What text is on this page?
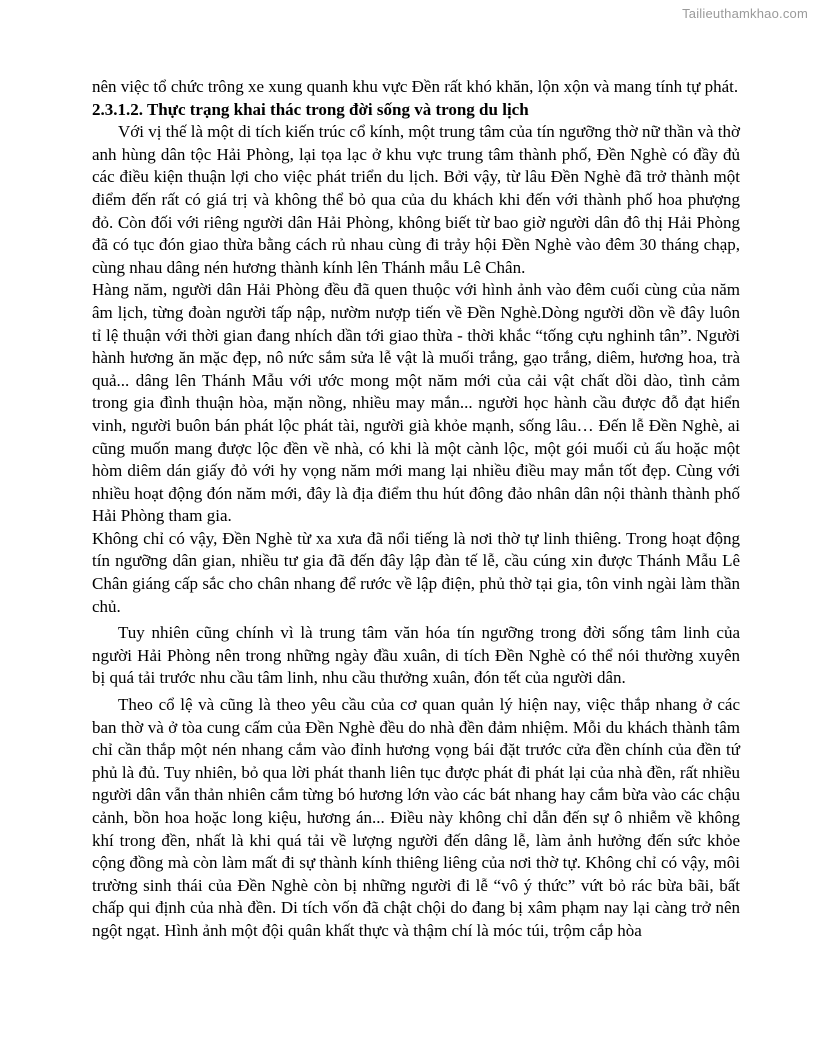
Tailieuthamkhao.com

nên việc tổ chức trông xe xung quanh khu vực Đền rất khó khăn, lộn xộn và mang tính tự phát.

2.3.1.2. Thực trạng khai thác trong đời sống và trong du lịch

Với vị thế là một di tích kiến trúc cổ kính, một trung tâm của tín ngưỡng thờ nữ thần và thờ anh hùng dân tộc Hải Phòng, lại tọa lạc ở khu vực trung tâm thành phố, Đền Nghè có đầy đủ các điều kiện thuận lợi cho việc phát triển du lịch. Bởi vậy, từ lâu Đền Nghè đã trở thành một điểm đến rất có giá trị và không thể bỏ qua của du khách khi đến với thành phố hoa phượng đỏ. Còn đối với riêng người dân Hải Phòng, không biết từ bao giờ người dân đô thị Hải Phòng đã có tục đón giao thừa bằng cách rủ nhau cùng đi trảy hội Đền Nghè vào đêm 30 tháng chạp, cùng nhau dâng nén hương thành kính lên Thánh mẫu Lê Chân.

Hàng năm, người dân Hải Phòng đều đã quen thuộc với hình ảnh vào đêm cuối cùng của năm âm lịch, từng đoàn người tấp nập, nườm nượp tiến về Đền Nghè.Dòng người dồn về đây luôn tỉ lệ thuận với thời gian đang nhích dần tới giao thừa - thời khắc “tống cựu nghinh tân”. Người hành hương ăn mặc đẹp, nô nức sắm sửa lễ vật là muối trắng, gạo trắng, diêm, hương hoa, trà quả... dâng lên Thánh Mẫu với ước mong một năm mới của cải vật chất dồi dào, tình cảm trong gia đình thuận hòa, mặn nồng, nhiều may mắn... người học hành cầu được đỗ đạt hiển vinh, người buôn bán phát lộc phát tài, người già khỏe mạnh, sống lâu… Đến lễ Đền Nghè, ai cũng muốn mang được lộc đền về nhà, có khi là một cành lộc, một gói muối củ ấu hoặc một hòm diêm dán giấy đỏ với hy vọng năm mới mang lại nhiều điều may mắn tốt đẹp. Cùng với nhiều hoạt động đón năm mới, đây là địa điểm thu hút đông đảo nhân dân nội thành thành phố Hải Phòng tham gia.

Không chỉ có vậy, Đền Nghè từ xa xưa đã nổi tiếng là nơi thờ tự linh thiêng. Trong hoạt động tín ngưỡng dân gian, nhiều tư gia đã đến đây lập đàn tế lễ, cầu cúng xin được Thánh Mẫu Lê Chân giáng cấp sắc cho chân nhang để rước về lập điện, phủ thờ tại gia, tôn vinh ngài làm thần chủ.

Tuy nhiên cũng chính vì là trung tâm văn hóa tín ngưỡng trong đời sống tâm linh của người Hải Phòng nên trong những ngày đầu xuân, di tích Đền Nghè có thể nói thường xuyên bị quá tải trước nhu cầu tâm linh, nhu cầu thưởng xuân, đón tết của người dân.

Theo cổ lệ và cũng là theo yêu cầu của cơ quan quản lý hiện nay, việc thắp nhang ở các ban thờ và ở tòa cung cấm của Đền Nghè đều do nhà đền đảm nhiệm. Mỗi du khách thành tâm chỉ cần thắp một nén nhang cắm vào đỉnh hương vọng bái đặt trước cửa đền chính của đền tứ phủ là đủ. Tuy nhiên, bỏ qua lời phát thanh liên tục được phát đi phát lại của nhà đền, rất nhiều người dân vẫn thản nhiên cắm từng bó hương lớn vào các bát nhang hay cắm bừa vào các chậu cảnh, bồn hoa hoặc long kiệu, hương án... Điều này không chỉ dẫn đến sự ô nhiễm về không khí trong đền, nhất là khi quá tải về lượng người đến dâng lễ, làm ảnh hưởng đến sức khỏe cộng đồng mà còn làm mất đi sự thành kính thiêng liêng của nơi thờ tự. Không chỉ có vậy, môi trường sinh thái của Đền Nghè còn bị những người đi lễ “vô ý thức” vứt bỏ rác bừa bãi, bất chấp qui định của nhà đền. Di tích vốn đã chật chội do đang bị xâm phạm nay lại càng trở nên ngột ngạt. Hình ảnh một đội quân khất thực và thậm chí là móc túi, trộm cắp hòa
